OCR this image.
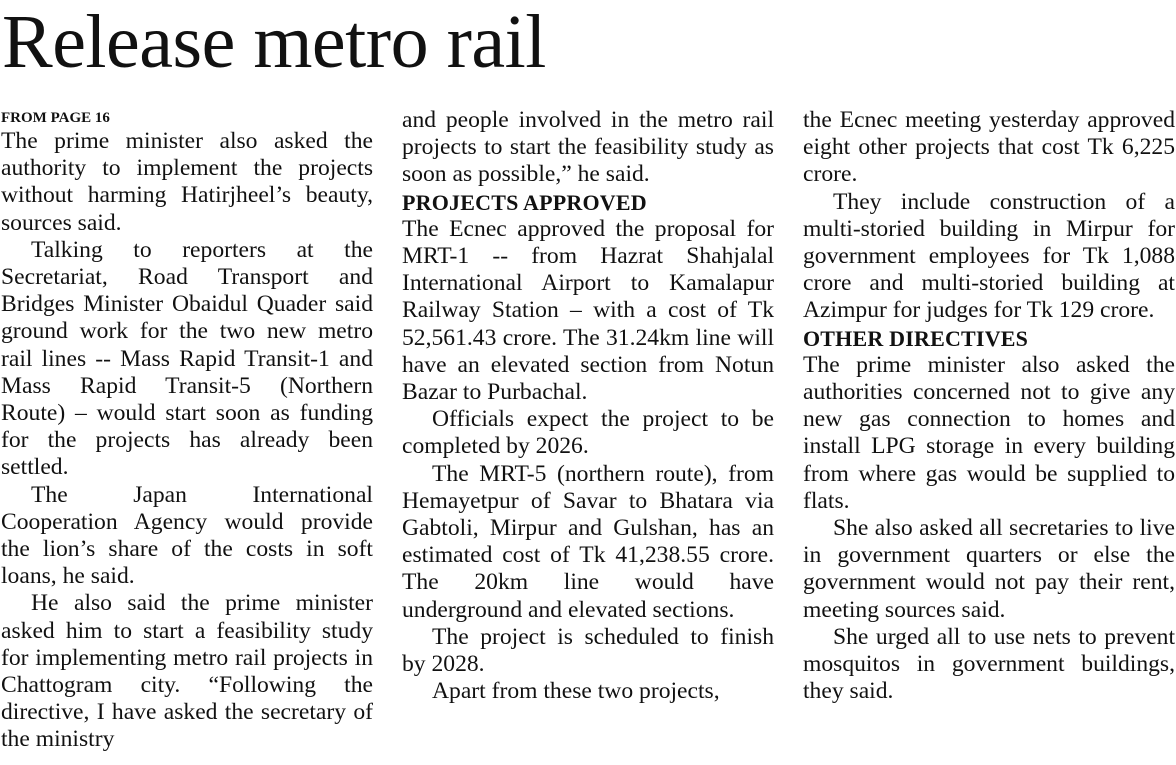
Release metro rail
FROM PAGE 16

The prime minister also asked the authority to implement the projects without harming Hatirjheel’s beauty, sources said.

Talking to reporters at the Secretariat, Road Transport and Bridges Minister Obaidul Quader said ground work for the two new metro rail lines -- Mass Rapid Transit-1 and Mass Rapid Transit-5 (Northern Route) – would start soon as funding for the projects has already been settled.

The Japan International Cooperation Agency would provide the lion’s share of the costs in soft loans, he said.

He also said the prime minister asked him to start a feasibility study for implementing metro rail projects in Chattogram city. “Following the directive, I have asked the secretary of the ministry

and people involved in the metro rail projects to start the feasibility study as soon as possible,” he said.

PROJECTS APPROVED

The Ecnec approved the proposal for MRT-1 -- from Hazrat Shahjalal International Airport to Kamalapur Railway Station – with a cost of Tk 52,561.43 crore. The 31.24km line will have an elevated section from Notun Bazar to Purbachal.

Officials expect the project to be completed by 2026.

The MRT-5 (northern route), from Hemayetpur of Savar to Bhatara via Gabtoli, Mirpur and Gulshan, has an estimated cost of Tk 41,238.55 crore. The 20km line would have underground and elevated sections.

The project is scheduled to finish by 2028.

Apart from these two projects,

the Ecnec meeting yesterday approved eight other projects that cost Tk 6,225 crore.

They include construction of a multi-storied building in Mirpur for government employees for Tk 1,088 crore and multi-storied building at Azimpur for judges for Tk 129 crore.

OTHER DIRECTIVES

The prime minister also asked the authorities concerned not to give any new gas connection to homes and install LPG storage in every building from where gas would be supplied to flats.

She also asked all secretaries to live in government quarters or else the government would not pay their rent, meeting sources said.

She urged all to use nets to prevent mosquitos in government buildings, they said.
